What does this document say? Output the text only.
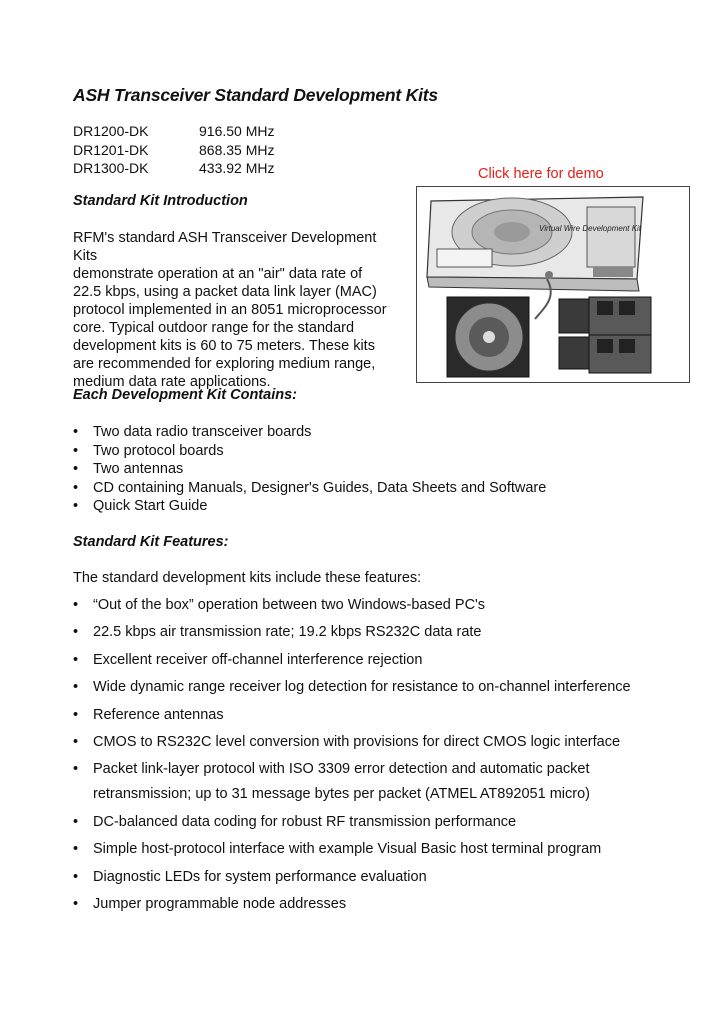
ASH Transceiver Standard Development Kits
DR1200-DK	916.50 MHz
DR1201-DK	868.35 MHz
DR1300-DK	433.92 MHz	Click here for demo
Virtual Wire Development Kit
Standard Kit Introduction
RFM's standard ASH Transceiver Development Kits
demonstrate operation at an "air" data rate of
22.5 kbps, using a packet data link layer (MAC)
protocol implemented in an 8051 microprocessor
core. Typical outdoor range for the standard
development kits is 60 to 75 meters. These kits
are recommended for exploring medium range,
medium data rate applications.
Each Development Kit Contains:
•	Two data radio transceiver boards
•	Two protocol boards
•	Two antennas
•	CD containing Manuals, Designer's Guides, Data Sheets and Software
•	Quick Start Guide
Standard Kit Features:
The standard development kits include these features:
•	“Out of the box” operation between two Windows-based PC's
•	22.5 kbps air transmission rate; 19.2 kbps RS232C data rate
•	Excellent receiver off-channel interference rejection
•	Wide dynamic range receiver log detection for resistance to on-channel interference
•	Reference antennas
•	CMOS to RS232C level conversion with provisions for direct CMOS logic interface
•	Packet link-layer protocol with ISO 3309 error detection and automatic packet retransmission; up to 31 message bytes per packet (ATMEL AT892051 micro)
•	DC-balanced data coding for robust RF transmission performance
•	Simple host-protocol interface with example Visual Basic host terminal program
•	Diagnostic LEDs for system performance evaluation
•	Jumper programmable node addresses
